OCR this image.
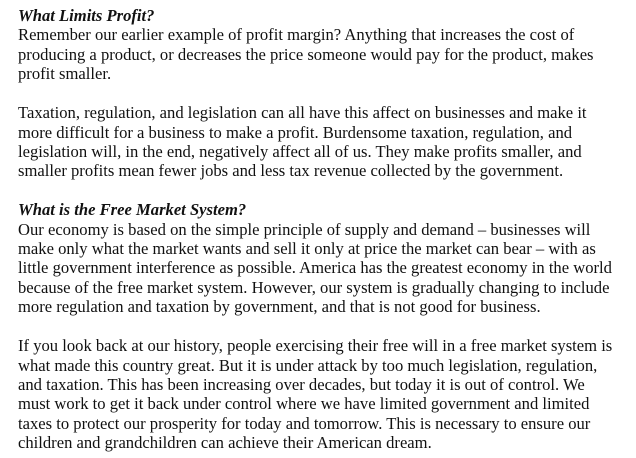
What Limits Profit?

Remember our earlier example of profit margin? Anything that increases the cost of
producing a product, or decreases the price someone would pay for the product, makes
profit smaller.

Taxation, regulation, and legislation can all have this affect on businesses and make it
more difficult for a business to make a profit. Burdensome taxation, regulation, and
legislation will, in the end, negatively affect all of us. They make profits smaller, and
smaller profits mean fewer jobs and less tax revenue collected by the government.

What is the Free Market System?

Our economy is based on the simple principle of supply and demand – businesses will
make only what the market wants and sell it only at price the market can bear – with as
little government interference as possible. America has the greatest economy in the world
because of the free market system. However, our system is gradually changing to include
more regulation and taxation by government, and that is not good for business.

If you look back at our history, people exercising their free will in a free market system is
what made this country great. But it is under attack by too much legislation, regulation,
and taxation. This has been increasing over decades, but today it is out of control. We
must work to get it back under control where we have limited government and limited
taxes to protect our prosperity for today and tomorrow. This is necessary to ensure our
children and grandchildren can achieve their American dream.
